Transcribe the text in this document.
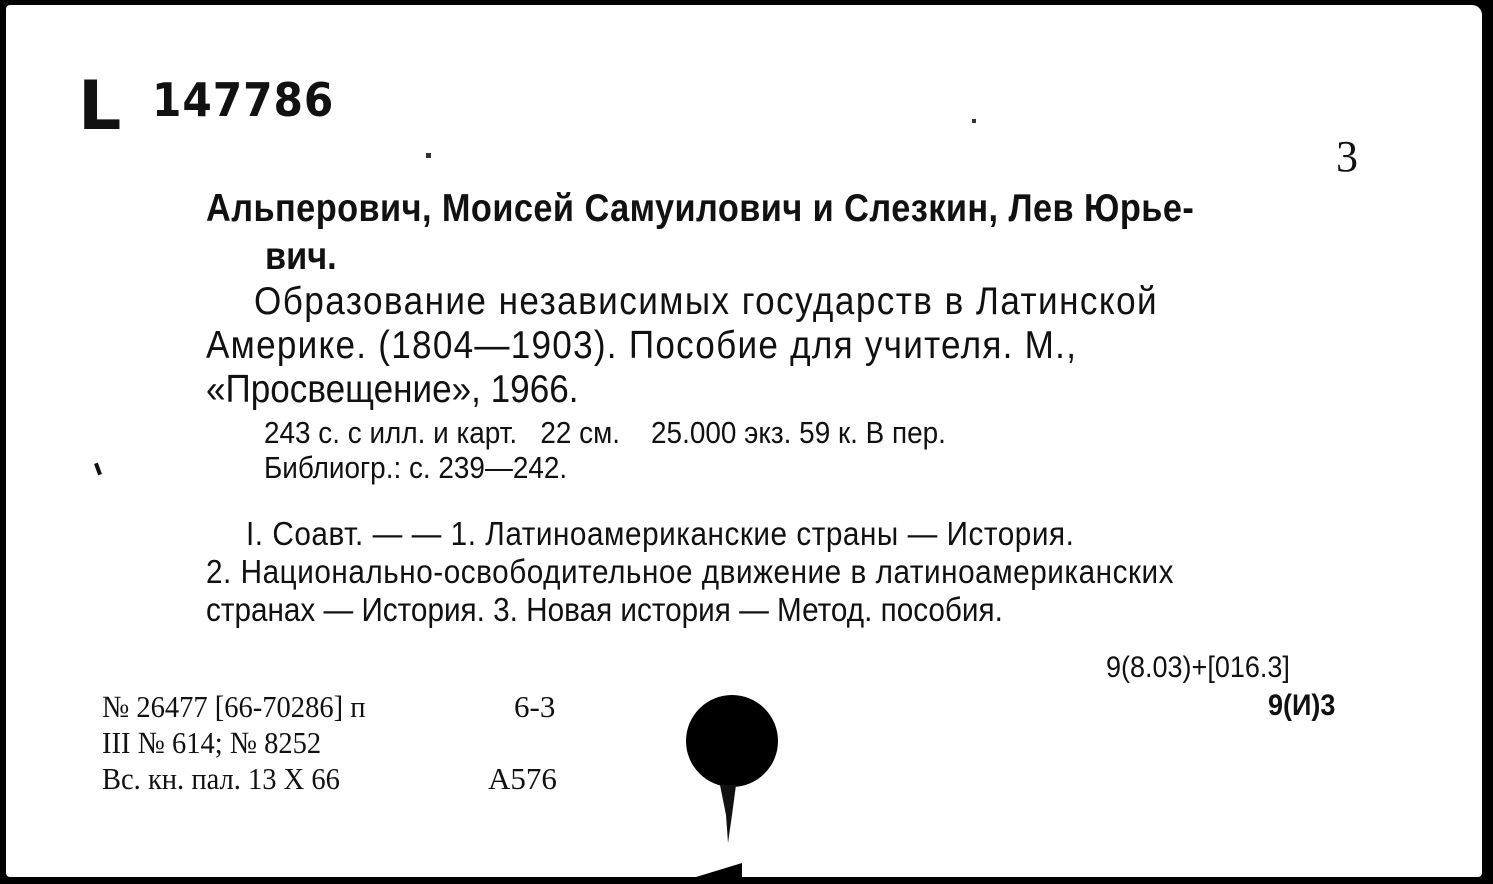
L 147786
3
Альперович, Моисей Самуилович и Слезкин, Лев Юрье-
вич.
Образование независимых государств в Латинской
Америке. (1804—1903). Пособие для учителя. М.,
«Просвещение», 1966.
243 с. с илл. и карт.   22 см.    25.000 экз. 59 к. В пер.
Библиогр.: с. 239—242.
I. Соавт. — — 1. Латиноамериканские страны — История.
2. Национально-освободительное движение в латиноамериканских
странах — История. 3. Новая история — Метод. пособия.
9(8.03)+[016.3]
9(И)3
№ 26477 [66-70286] п	6-3
III № 614; № 8252
Вс. кн. пал. 13 X 66	А576
